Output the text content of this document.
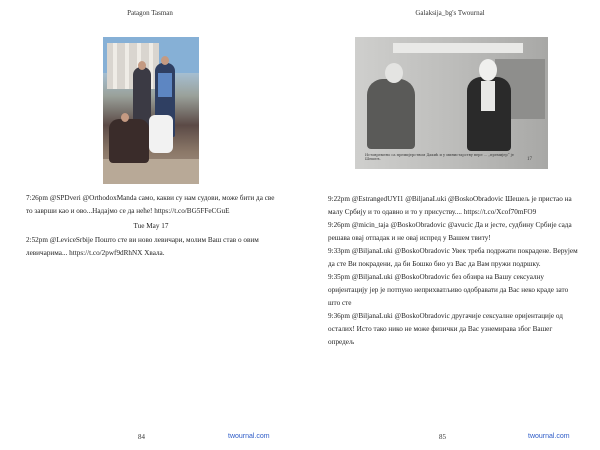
Patagon Tasman

7:26pm @SPDveri @OrthodoxManda само, какви су нам судови, може бити да све то заврши као и ово...Надајмо се да неће! https://t.co/BG5FFeCGuE

Tue May 17

2:52pm @LeviceSrbije Пошто сте ви ново левичари, молим Ваш став о овим левичарима... https://t.co/2pwf9dRhNX Хвала.

84	twournal.com
Galaksija_bg's Twournal
Истовремено сa премијерством Дакић и у министарству вере ... „премијер“ је Шешељ.	17

9:22pm @EstrangedUYI1 @BiljanaLuki @BoskoObradovic Шешељ је пристао на малу Србију и то одавно и то у присуству.... https://t.co/Xcof70mFO9

9:26pm @micin_taja @BoskoObradovic @avucic Да и јесте, судбину Србије сада решава овај отпадак и не овај испред у Вашем твиту!

9:33pm @BiljanaLuki @BoskoObradovic Увек треба подржати покрадене. Верујем да сте Ви покрадени, да би Бошко био уз Вас да Вам пружи подршку.

9:35pm @BiljanaLuki @BoskoObradovic без обзира на Вашу сексуалну оријентацију јер је потпуно неприхватљиво одобравати да Вас неко краде зато што сте

9:36pm @BiljanaLuki @BoskoObradovic другачије сексуалне оријентације од осталих! Исто тако нико не може физички да Вас узнемирава због Вашег опредељ

85	twournal.com
